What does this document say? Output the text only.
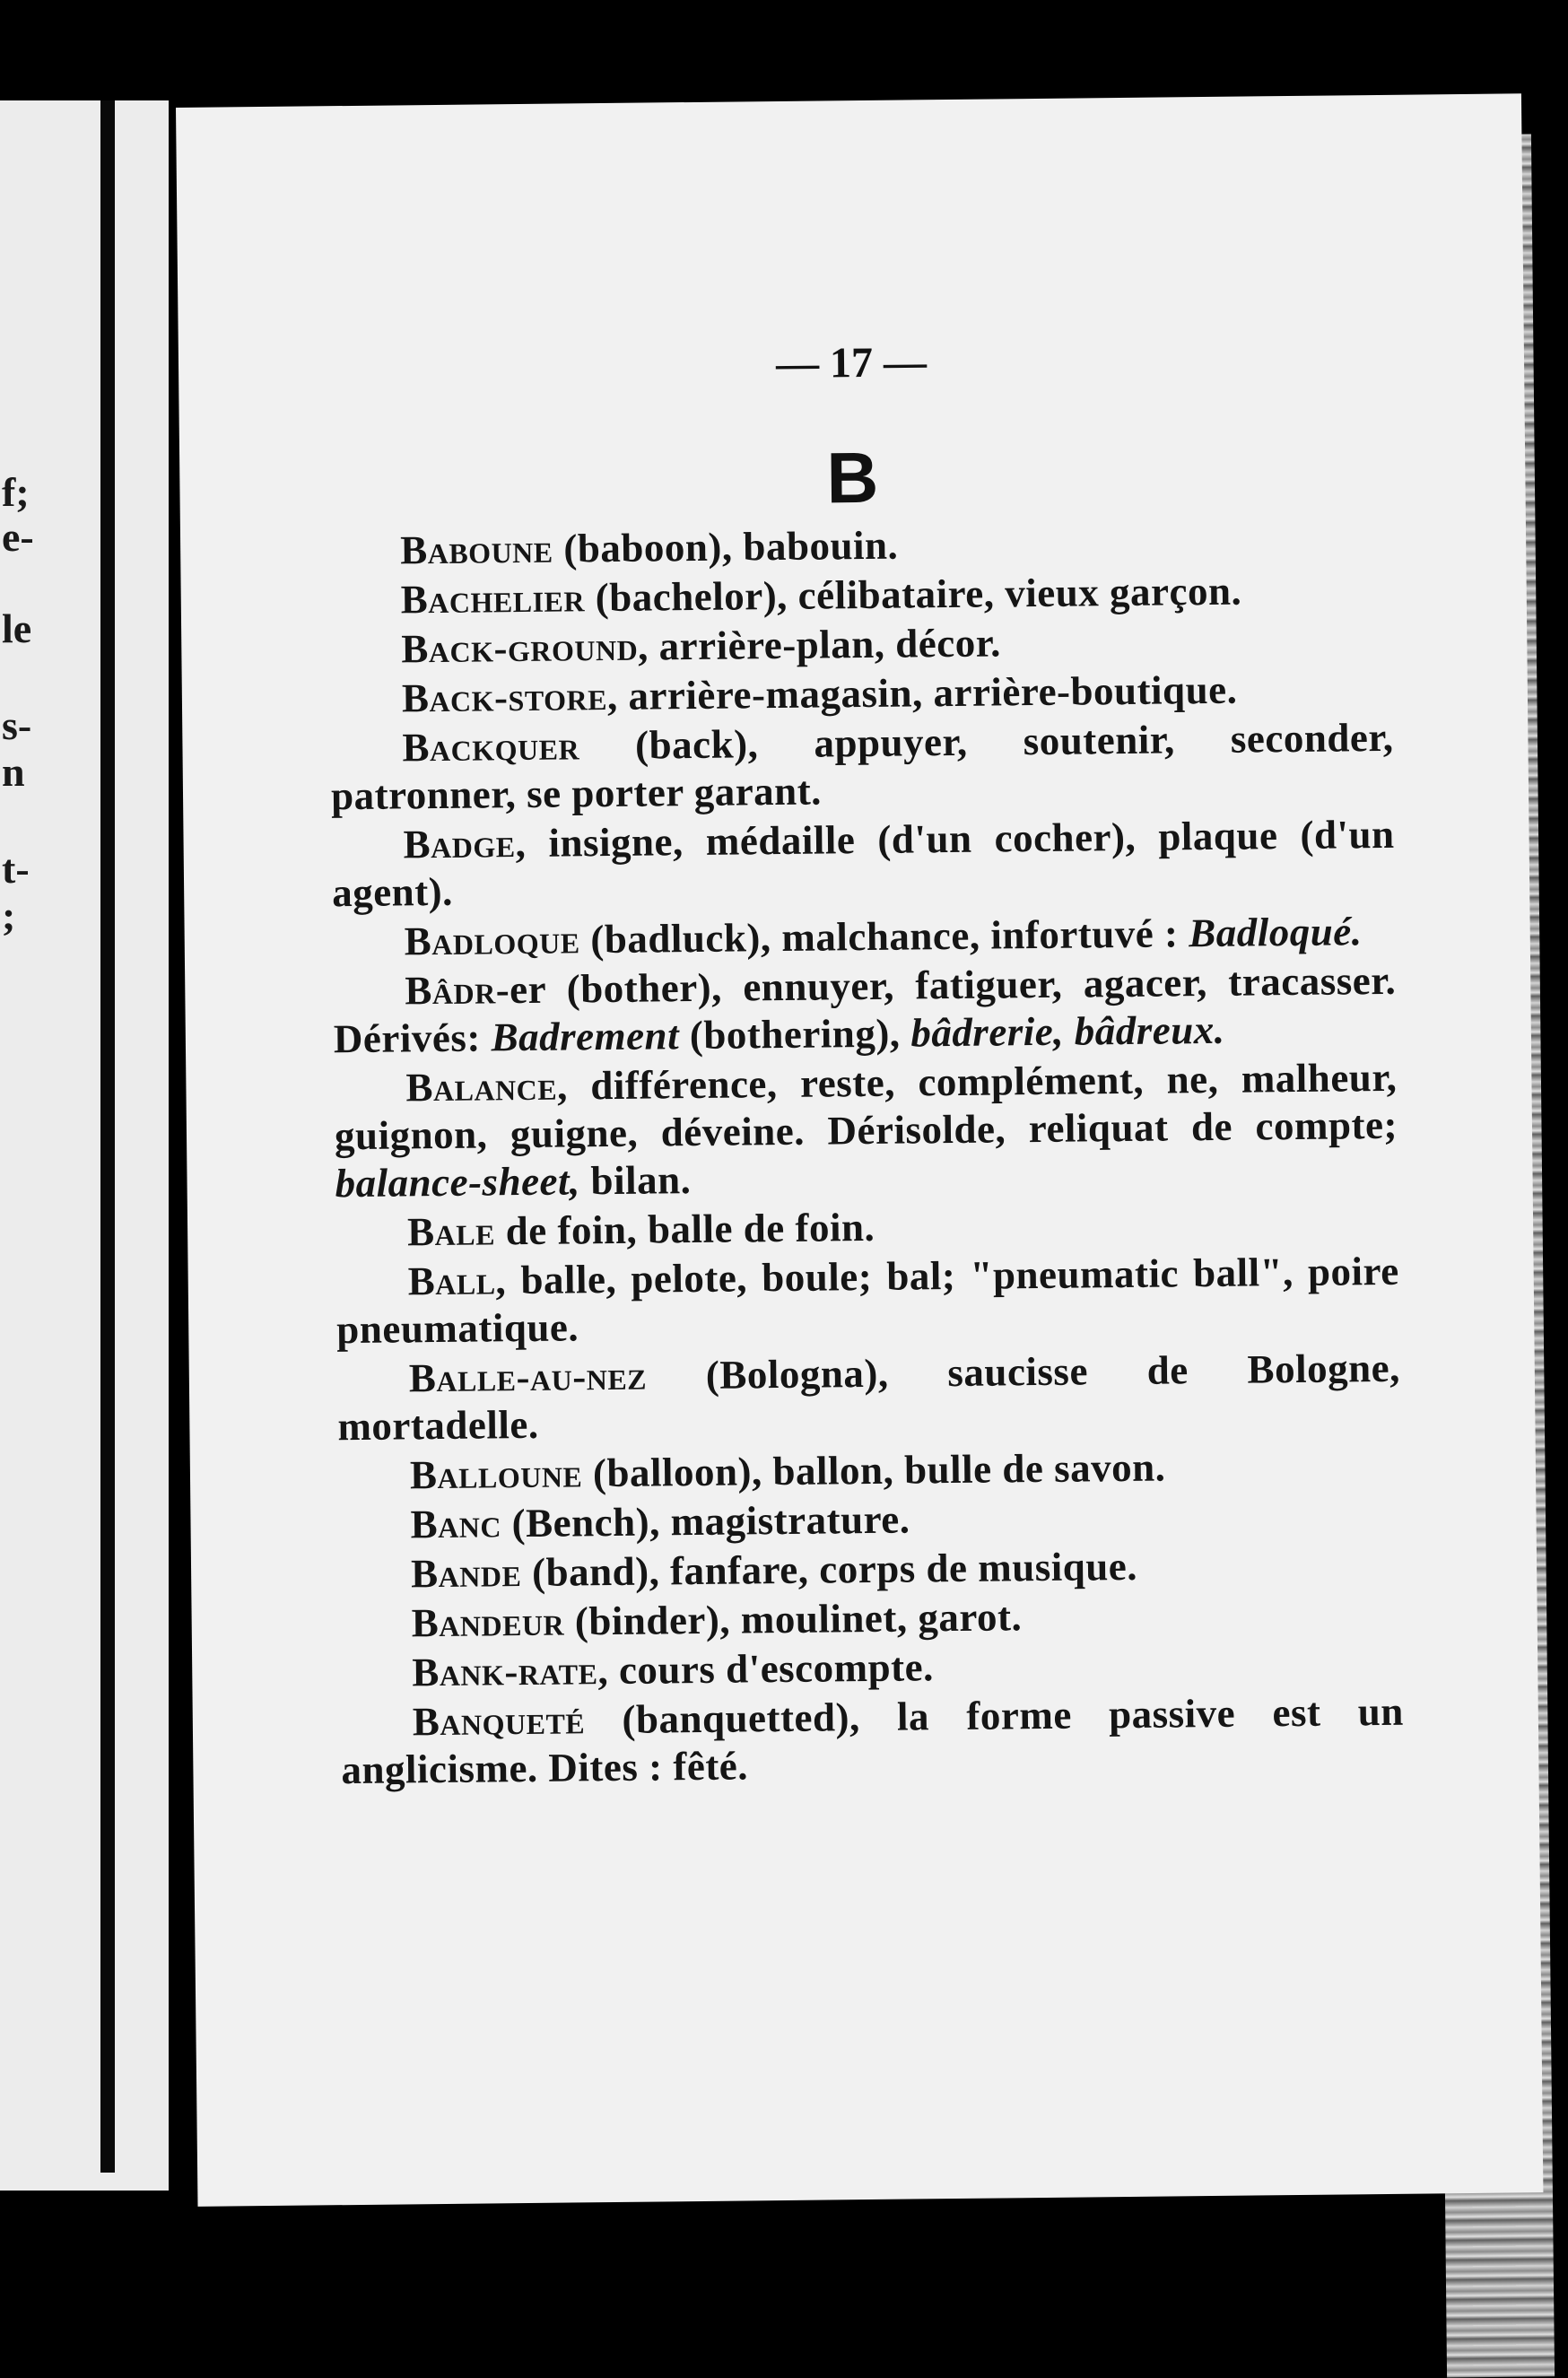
f;
e-
le
s-
n
t-
;
— 17 —
B

Baboune (baboon), babouin.

Bachelier (bachelor), célibataire, vieux garçon.

Back-ground, arrière-plan, décor.

Back-store, arrière-magasin, arrière-boutique.

Backquer (back), appuyer, soutenir, seconder, patronner, se porter garant.

Badge, insigne, médaille (d'un cocher), plaque (d'un agent).

Badloque (badluck), malchance, infortuvé : Badloqué.

Bâdr-er (bother), ennuyer, fatiguer, agacer, tracasser. Dérivés: Badrement (bothering), bâdrerie, bâdreux.

Balance, différence, reste, complément, ne, malheur, guignon, guigne, déveine. Dérisolde, reliquat de compte; balance-sheet, bilan.

Bale de foin, balle de foin.

Ball, balle, pelote, boule; bal; "pneumatic ball", poire pneumatique.

Balle-au-nez (Bologna), saucisse de Bologne, mortadelle.

Balloune (balloon), ballon, bulle de savon.

Banc (Bench), magistrature.

Bande (band), fanfare, corps de musique.

Bandeur (binder), moulinet, garot.

Bank-rate, cours d'escompte.

Banqueté (banquetted), la forme passive est un anglicisme. Dites : fêté.
